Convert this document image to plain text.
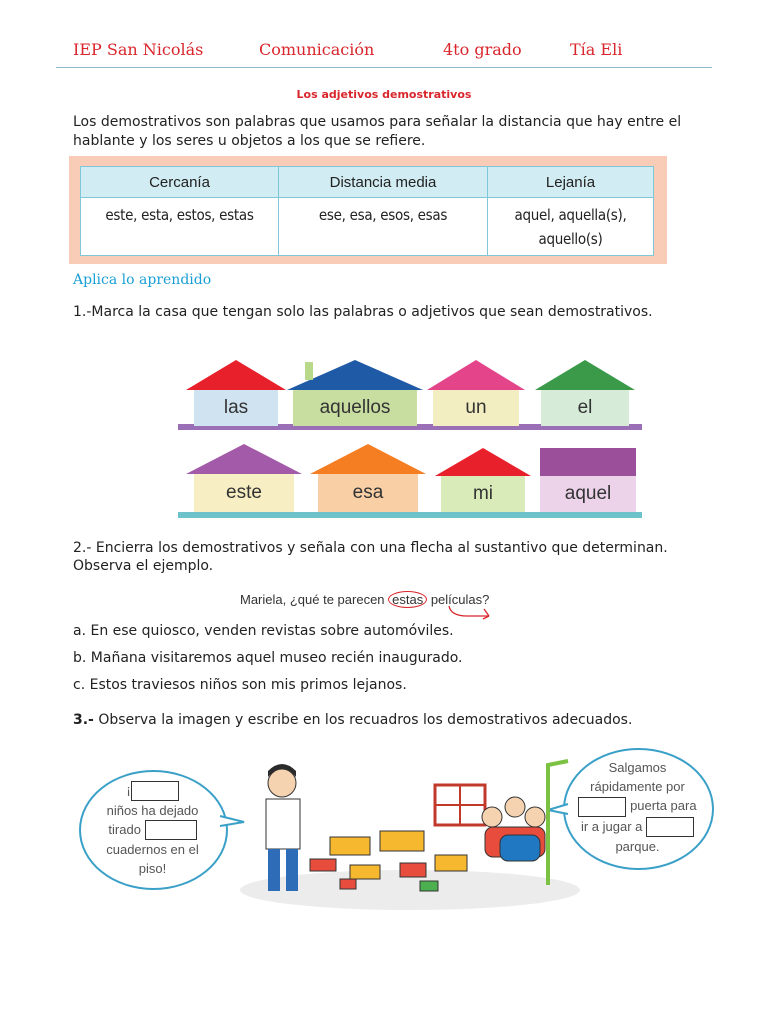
IEP San Nicolás	Comunicación	4to grado	Tía Eli
Los adjetivos demostrativos
Los demostrativos son palabras que usamos para señalar la distancia que hay entre el hablante y los seres u objetos a los que se refiere.
Cercanía	Distancia media	Lejanía
este, esta, estos, estas	ese, esa, esos, esas	aquel, aquella(s), aquello(s)
Aplica lo aprendido
1.-Marca la casa que tengan solo las palabras o adjetivos que sean demostrativos.
las	aquellos	un	el
este	esa	mi	aquel
2.- Encierra los demostrativos y señala con una flecha al sustantivo que determinan.
Observa el ejemplo.
Mariela, ¿qué te parecen estas películas?
a. En ese quiosco, venden revistas sobre automóviles.
b. Mañana visitaremos aquel museo recién inaugurado.
c. Estos traviesos niños son mis primos lejanos.
3.- Observa la imagen y escribe en los recuadros los demostrativos adecuados.
¡
niños ha dejado
tirado
cuadernos en el
piso!
Salgamos
rápidamente por
puerta para
ir a jugar a
parque.
